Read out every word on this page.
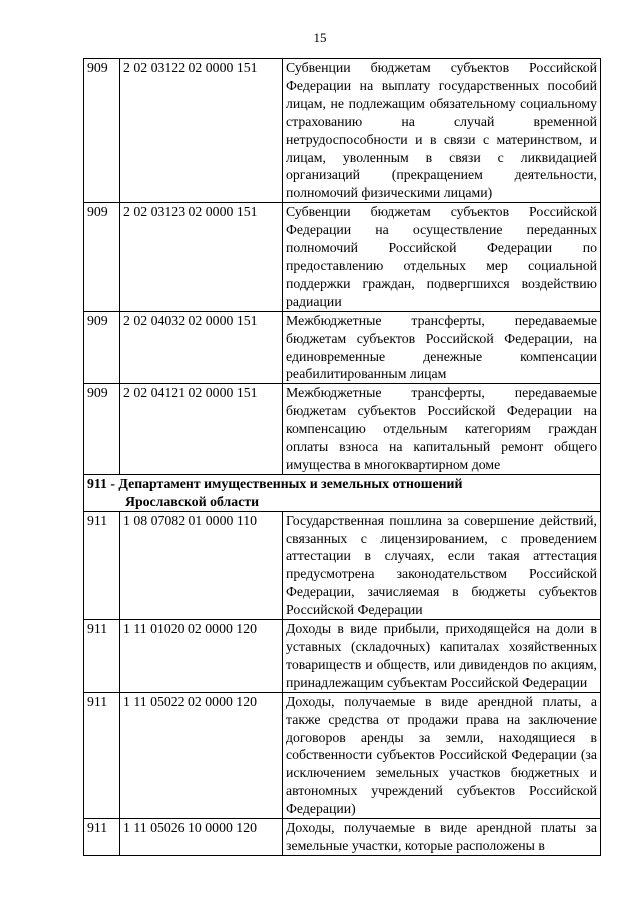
15
909	2 02 03122 02 0000 151	Субвенции бюджетам субъектов Российской Федерации на выплату государственных пособий лицам, не подлежащим обязательному социальному страхованию на случай временной нетрудоспособности и в связи с материнством, и лицам, уволенным в связи с ликвидацией организаций (прекращением деятельности, полномочий физическими лицами)
909	2 02 03123 02 0000 151	Субвенции бюджетам субъектов Российской Федерации на осуществление переданных полномочий Российской Федерации по предоставлению отдельных мер социальной поддержки граждан, подвергшихся воздействию радиации
909	2 02 04032 02 0000 151	Межбюджетные трансферты, передаваемые бюджетам субъектов Российской Федерации, на единовременные денежные компенсации реабилитированным лицам
909	2 02 04121 02 0000 151	Межбюджетные трансферты, передаваемые бюджетам субъектов Российской Федерации на компенсацию отдельным категориям граждан оплаты взноса на капитальный ремонт общего имущества в многоквартирном доме

911 - Департамент имущественных и земельных отношений
Ярославской области		

911	1 08 07082 01 0000 110	Государственная пошлина за совершение действий, связанных с лицензированием, с проведением аттестации в случаях, если такая аттестация предусмотрена законодательством Российской Федерации, зачисляемая в бюджеты субъектов Российской Федерации
911	1 11 01020 02 0000 120	Доходы в виде прибыли, приходящейся на доли в уставных (складочных) капиталах хозяйственных товариществ и обществ, или дивидендов по акциям, принадлежащим субъектам Российской Федерации
911	1 11 05022 02 0000 120	Доходы, получаемые в виде арендной платы, а также средства от продажи права на заключение договоров аренды за земли, находящиеся в собственности субъектов Российской Федерации (за исключением земельных участков бюджетных и автономных учреждений субъектов Российской Федерации)
911	1 11 05026 10 0000 120	Доходы, получаемые в виде арендной платы за земельные участки, которые расположены в
